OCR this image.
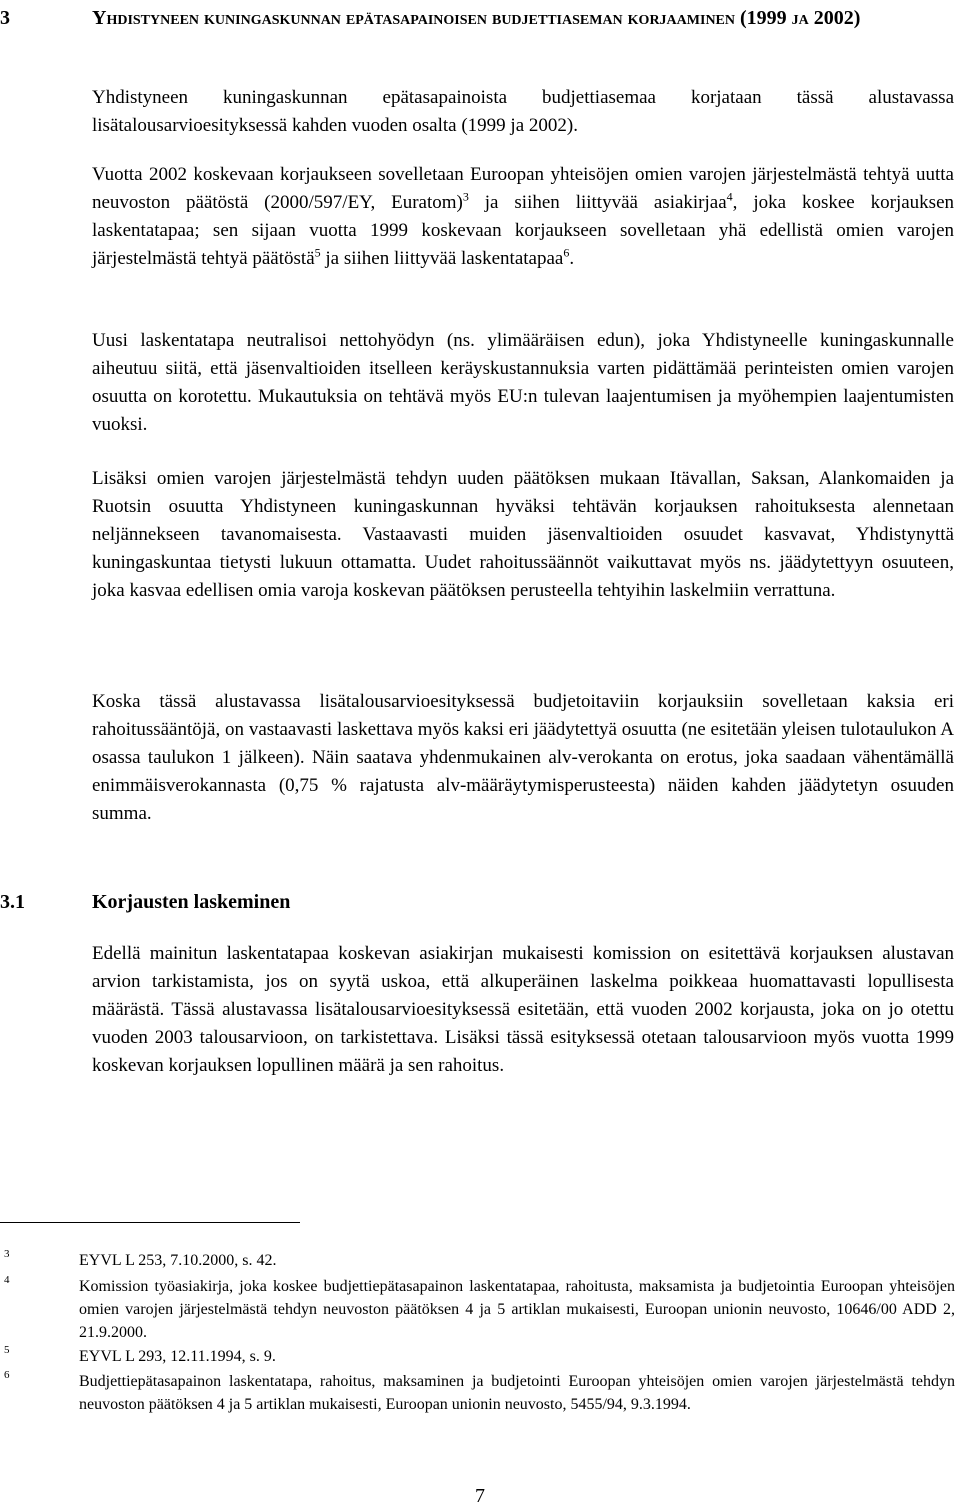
3	Yhdistyneen kuningaskunnan epätasapainoisen budjettiaseman korjaaminen (1999 ja 2002)

Yhdistyneen kuningaskunnan epätasapainoista budjettiasemaa korjataan tässä alustavassa lisätalousarvioesityksessä kahden vuoden osalta (1999 ja 2002).

Vuotta 2002 koskevaan korjaukseen sovelletaan Euroopan yhteisöjen omien varojen järjestelmästä tehtyä uutta neuvoston päätöstä (2000/597/EY, Euratom)$^3$ ja siihen liittyvää asiakirjaa$^4$, joka koskee korjauksen laskentatapaa; sen sijaan vuotta 1999 koskevaan korjaukseen sovelletaan yhä edellistä omien varojen järjestelmästä tehtyä päätöstä$^5$ ja siihen liittyvää laskentatapaa$^6$.

Uusi laskentatapa neutralisoi nettohyödyn (ns. ylimääräisen edun), joka Yhdistyneelle kuningaskunnalle aiheutuu siitä, että jäsenvaltioiden itselleen keräyskustannuksia varten pidättämää perinteisten omien varojen osuutta on korotettu. Mukautuksia on tehtävä myös EU:n tulevan laajentumisen ja myöhempien laajentumisten vuoksi.

Lisäksi omien varojen järjestelmästä tehdyn uuden päätöksen mukaan Itävallan, Saksan, Alankomaiden ja Ruotsin osuutta Yhdistyneen kuningaskunnan hyväksi tehtävän korjauksen rahoituksesta alennetaan neljännekseen tavanomaisesta. Vastaavasti muiden jäsenvaltioiden osuudet kasvavat, Yhdistynyttä kuningaskuntaa tietysti lukuun ottamatta. Uudet rahoitussäännöt vaikuttavat myös ns. jäädytettyyn osuuteen, joka kasvaa edellisen omia varoja koskevan päätöksen perusteella tehtyihin laskelmiin verrattuna.

Koska tässä alustavassa lisätalousarvioesityksessä budjetoitaviin korjauksiin sovelletaan kaksia eri rahoitussääntöjä, on vastaavasti laskettava myös kaksi eri jäädytettyä osuutta (ne esitetään yleisen tulotaulukon A osassa taulukon 1 jälkeen). Näin saatava yhdenmukainen alv-verokanta on erotus, joka saadaan vähentämällä enimmäisverokannasta (0,75 % rajatusta alv-määräytymisperusteesta) näiden kahden jäädytetyn osuuden summa.

3.1	Korjausten laskeminen

Edellä mainitun laskentatapaa koskevan asiakirjan mukaisesti komission on esitettävä korjauksen alustavan arvion tarkistamista, jos on syytä uskoa, että alkuperäinen laskelma poikkeaa huomattavasti lopullisesta määrästä. Tässä alustavassa lisätalousarvioesityksessä esitetään, että vuoden 2002 korjausta, joka on jo otettu vuoden 2003 talousarvioon, on tarkistettava. Lisäksi tässä esityksessä otetaan talousarvioon myös vuotta 1999 koskevan korjauksen lopullinen määrä ja sen rahoitus.

3	EYVL L 253, 7.10.2000, s. 42.
4	Komission työasiakirja, joka koskee budjettiepätasapainon laskentatapaa, rahoitusta, maksamista ja budjetointia Euroopan yhteisöjen omien varojen järjestelmästä tehdyn neuvoston päätöksen 4 ja 5 artiklan mukaisesti, Euroopan unionin neuvosto, 10646/00 ADD 2, 21.9.2000.
5	EYVL L 293, 12.11.1994, s. 9.
6	Budjettiepätasapainon laskentatapa, rahoitus, maksaminen ja budjetointi Euroopan yhteisöjen omien varojen järjestelmästä tehdyn neuvoston päätöksen 4 ja 5 artiklan mukaisesti, Euroopan unionin neuvosto, 5455/94, 9.3.1994.
7
